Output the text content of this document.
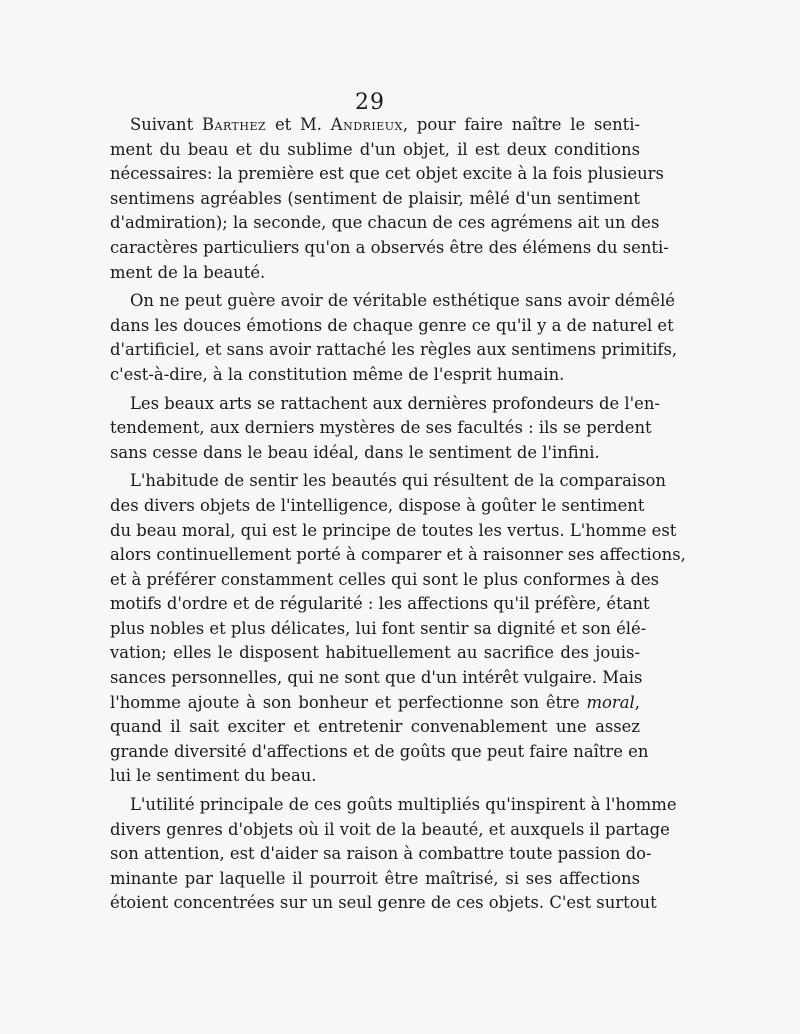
29
Suivant Barthez et M. Andrieux, pour faire naître le senti-
ment du beau et du sublime d'un objet, il est deux conditions
nécessaires: la première est que cet objet excite à la fois plusieurs
sentimens agréables (sentiment de plaisir, mêlé d'un sentiment
d'admiration); la seconde, que chacun de ces agrémens ait un des
caractères particuliers qu'on a observés être des élémens du senti-
ment de la beauté.
On ne peut guère avoir de véritable esthétique sans avoir démêlé
dans les douces émotions de chaque genre ce qu'il y a de naturel et
d'artificiel, et sans avoir rattaché les règles aux sentimens primitifs,
c'est-à-dire, à la constitution même de l'esprit humain.
Les beaux arts se rattachent aux dernières profondeurs de l'en-
tendement, aux derniers mystères de ses facultés : ils se perdent
sans cesse dans le beau idéal, dans le sentiment de l'infini.
L'habitude de sentir les beautés qui résultent de la comparaison
des divers objets de l'intelligence, dispose à goûter le sentiment
du beau moral, qui est le principe de toutes les vertus. L'homme est
alors continuellement porté à comparer et à raisonner ses affections,
et à préférer constamment celles qui sont le plus conformes à des
motifs d'ordre et de régularité : les affections qu'il préfère, étant
plus nobles et plus délicates, lui font sentir sa dignité et son élé-
vation; elles le disposent habituellement au sacrifice des jouis-
sances personnelles, qui ne sont que d'un intérêt vulgaire. Mais
l'homme ajoute à son bonheur et perfectionne son être moral,
quand il sait exciter et entretenir convenablement une assez
grande diversité d'affections et de goûts que peut faire naître en
lui le sentiment du beau.
L'utilité principale de ces goûts multipliés qu'inspirent à l'homme
divers genres d'objets où il voit de la beauté, et auxquels il partage
son attention, est d'aider sa raison à combattre toute passion do-
minante par laquelle il pourroit être maîtrisé, si ses affections
étoient concentrées sur un seul genre de ces objets. C'est surtout
